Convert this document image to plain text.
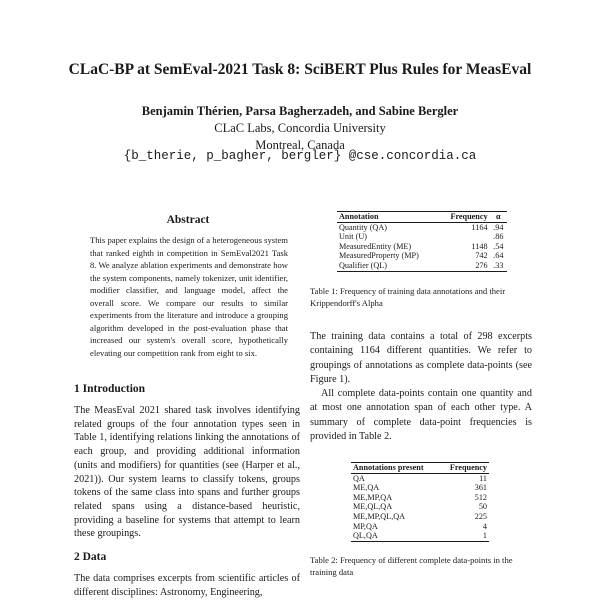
CLaC-BP at SemEval-2021 Task 8: SciBERT Plus Rules for MeasEval
Benjamin Thérien, Parsa Bagherzadeh, and Sabine Bergler
CLaC Labs, Concordia University
Montreal, Canada
{b_therie, p_bagher, bergler} @cse.concordia.ca
Abstract
This paper explains the design of a heterogeneous system that ranked eighth in competition in SemEval2021 Task 8. We analyze ablation experiments and demonstrate how the system components, namely tokenizer, unit identifier, modifier classifier, and language model, affect the overall score. We compare our results to similar experiments from the literature and introduce a grouping algorithm developed in the post-evaluation phase that increased our system's overall score, hypothetically elevating our competition rank from eight to six.
1 Introduction
The MeasEval 2021 shared task involves identifying related groups of the four annotation types seen in Table 1, identifying relations linking the annotations of each group, and providing additional information (units and modifiers) for quantities (see (Harper et al., 2021)). Our system learns to classify tokens, groups tokens of the same class into spans and further groups related spans using a distance-based heuristic, providing a baseline for systems that attempt to learn these groupings.
2 Data
The data comprises excerpts from scientific articles of different disciplines: Astronomy, Engineering,
Annotation	Frequency	α
Quantity (QA)	1164	.94
Unit (U)		.86
MeasuredEntity (ME)	1148	.54
MeasuredProperty (MP)	742	.64
Qualifier (QL)	276	.33
Table 1: Frequency of training data annotations and their Krippendorff's Alpha
The training data contains a total of 298 excerpts containing 1164 different quantities. We refer to groupings of annotations as complete data-points (see Figure 1).
All complete data-points contain one quantity and at most one annotation span of each other type. A summary of complete data-point frequencies is provided in Table 2.
Annotations present	Frequency
QA	11
ME,QA	361
ME,MP,QA	512
ME,QL,QA	50
ME,MP,QL,QA	225
MP,QA	4
QL,QA	1
Table 2: Frequency of different complete data-points in the training data
